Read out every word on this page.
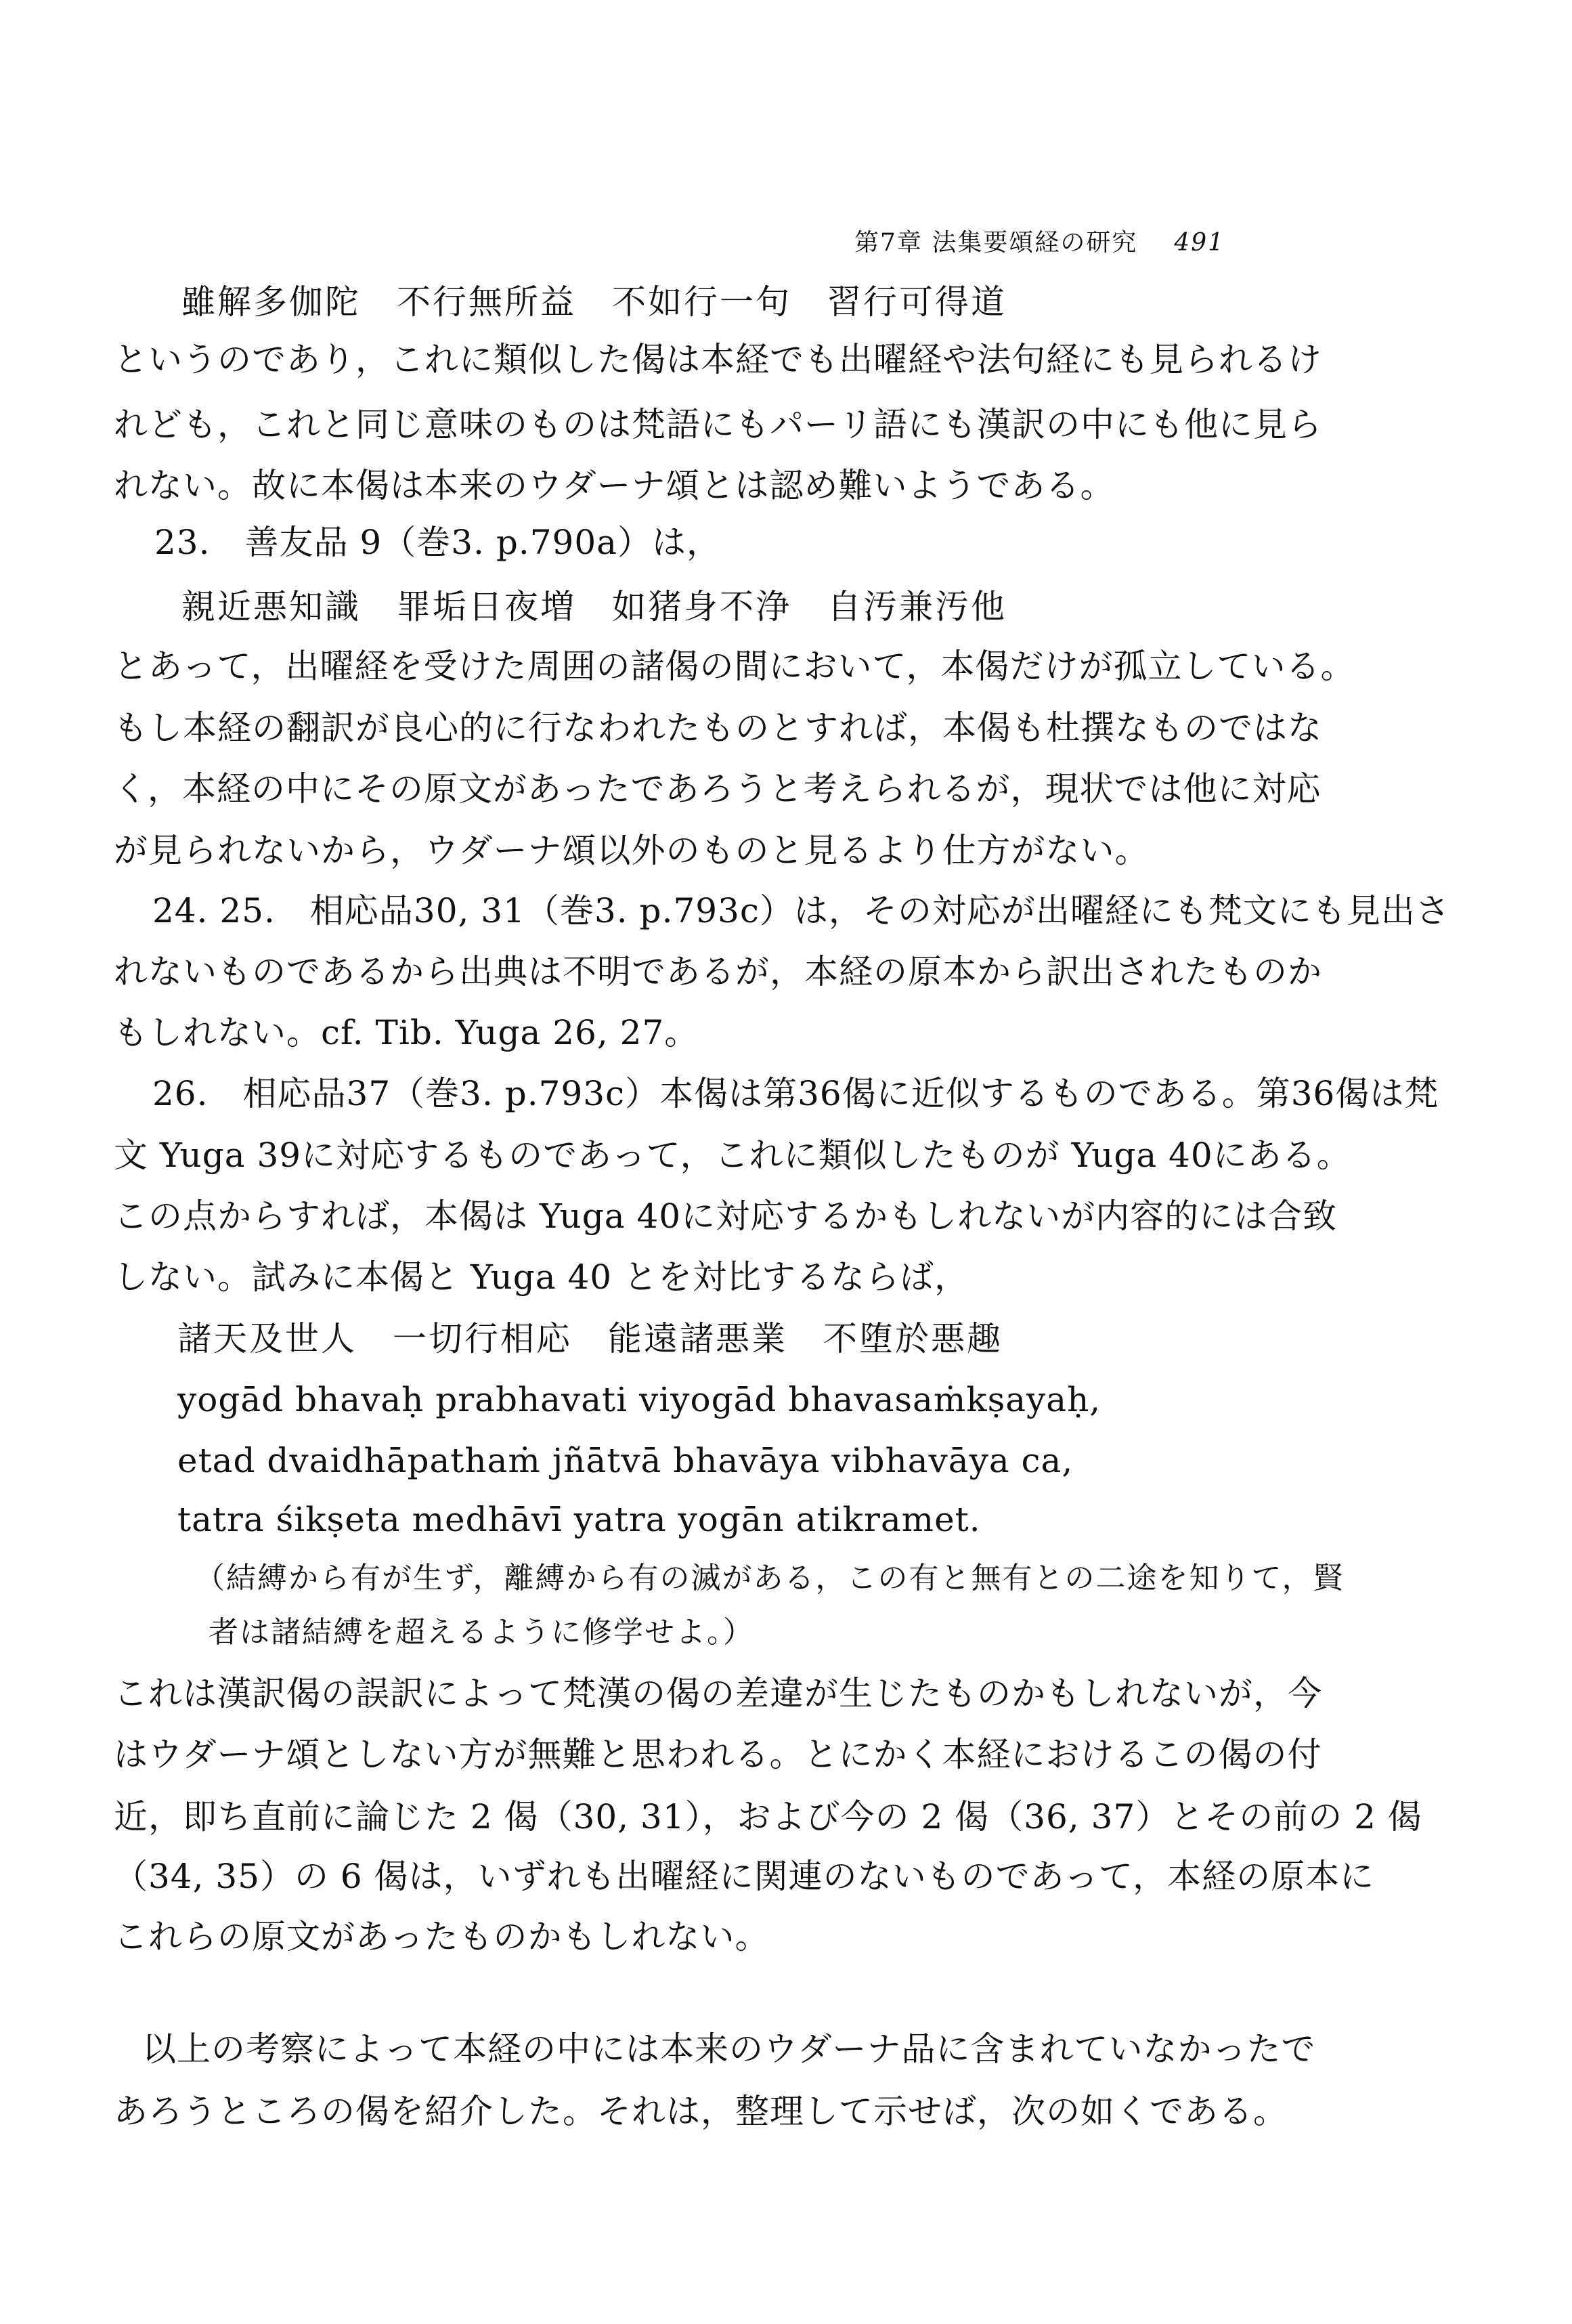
第7章 法集要頌経の研究 491
雖解多伽陀　不行無所益　不如行一句　習行可得道
というのであり，これに類似した偈は本経でも出曜経や法句経にも見られるけ
れども，これと同じ意味のものは梵語にもパーリ語にも漢訳の中にも他に見ら
れない。故に本偈は本来のウダーナ頌とは認め難いようである。
23.　善友品 9（巻3. p.790a）は，
親近悪知識　罪垢日夜増　如猪身不浄　自汚兼汚他
とあって，出曜経を受けた周囲の諸偈の間において，本偈だけが孤立している。
もし本経の翻訳が良心的に行なわれたものとすれば，本偈も杜撰なものではな
く，本経の中にその原文があったであろうと考えられるが，現状では他に対応
が見られないから，ウダーナ頌以外のものと見るより仕方がない。
24. 25.　相応品30, 31（巻3. p.793c）は，その対応が出曜経にも梵文にも見出さ
れないものであるから出典は不明であるが，本経の原本から訳出されたものか
もしれない。cf. Tib. Yuga 26, 27。
26.　相応品37（巻3. p.793c）本偈は第36偈に近似するものである。第36偈は梵
文 Yuga 39に対応するものであって，これに類似したものが Yuga 40にある。
この点からすれば，本偈は Yuga 40に対応するかもしれないが内容的には合致
しない。試みに本偈と Yuga 40 とを対比するならば，
諸天及世人　一切行相応　能遠諸悪業　不堕於悪趣
yogād bhavaḥ prabhavati viyogād bhavasaṁkṣayaḥ,
etad dvaidhāpathaṁ jñātvā bhavāya vibhavāya ca,
tatra śikṣeta medhāvī yatra yogān atikramet.
（結縛から有が生ず，離縛から有の滅がある，この有と無有との二途を知りて，賢
者は諸結縛を超えるように修学せよ。）
これは漢訳偈の誤訳によって梵漢の偈の差違が生じたものかもしれないが，今
はウダーナ頌としない方が無難と思われる。とにかく本経におけるこの偈の付
近，即ち直前に論じた 2 偈（30, 31），および今の 2 偈（36, 37）とその前の 2 偈
（34, 35）の 6 偈は，いずれも出曜経に関連のないものであって，本経の原本に
これらの原文があったものかもしれない。
以上の考察によって本経の中には本来のウダーナ品に含まれていなかったで
あろうところの偈を紹介した。それは，整理して示せば，次の如くである。
